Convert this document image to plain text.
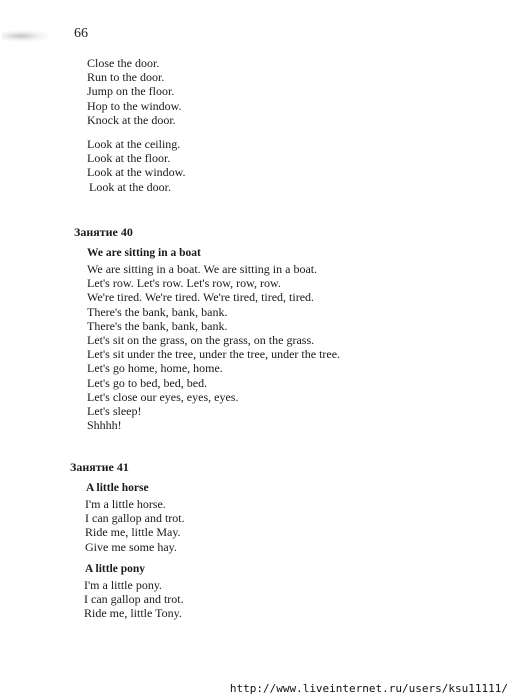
66
Close the door.
Run to the door.
Jump on the floor.
Hop to the window.
Knock at the door.
Look at the ceiling.
Look at the floor.
Look at the window.
Look at the door.
Занятие 40
We are sitting in a boat
We are sitting in a boat. We are sitting in a boat.
Let's row. Let's row. Let's row, row, row.
We're tired. We're tired. We're tired, tired, tired.
There's the bank, bank, bank.
There's the bank, bank, bank.
Let's sit on the grass, on the grass, on the grass.
Let's sit under the tree, under the tree, under the tree.
Let's go home, home, home.
Let's go to bed, bed, bed.
Let's close our eyes, eyes, eyes.
Let's sleep!
Shhhh!
Занятие 41
A little horse
I'm a little horse.
I can gallop and trot.
Ride me, little May.
Give me some hay.
A little pony
I'm a little pony.
I can gallop and trot.
Ride me, little Tony.
http://www.liveinternet.ru/users/ksu11111/
